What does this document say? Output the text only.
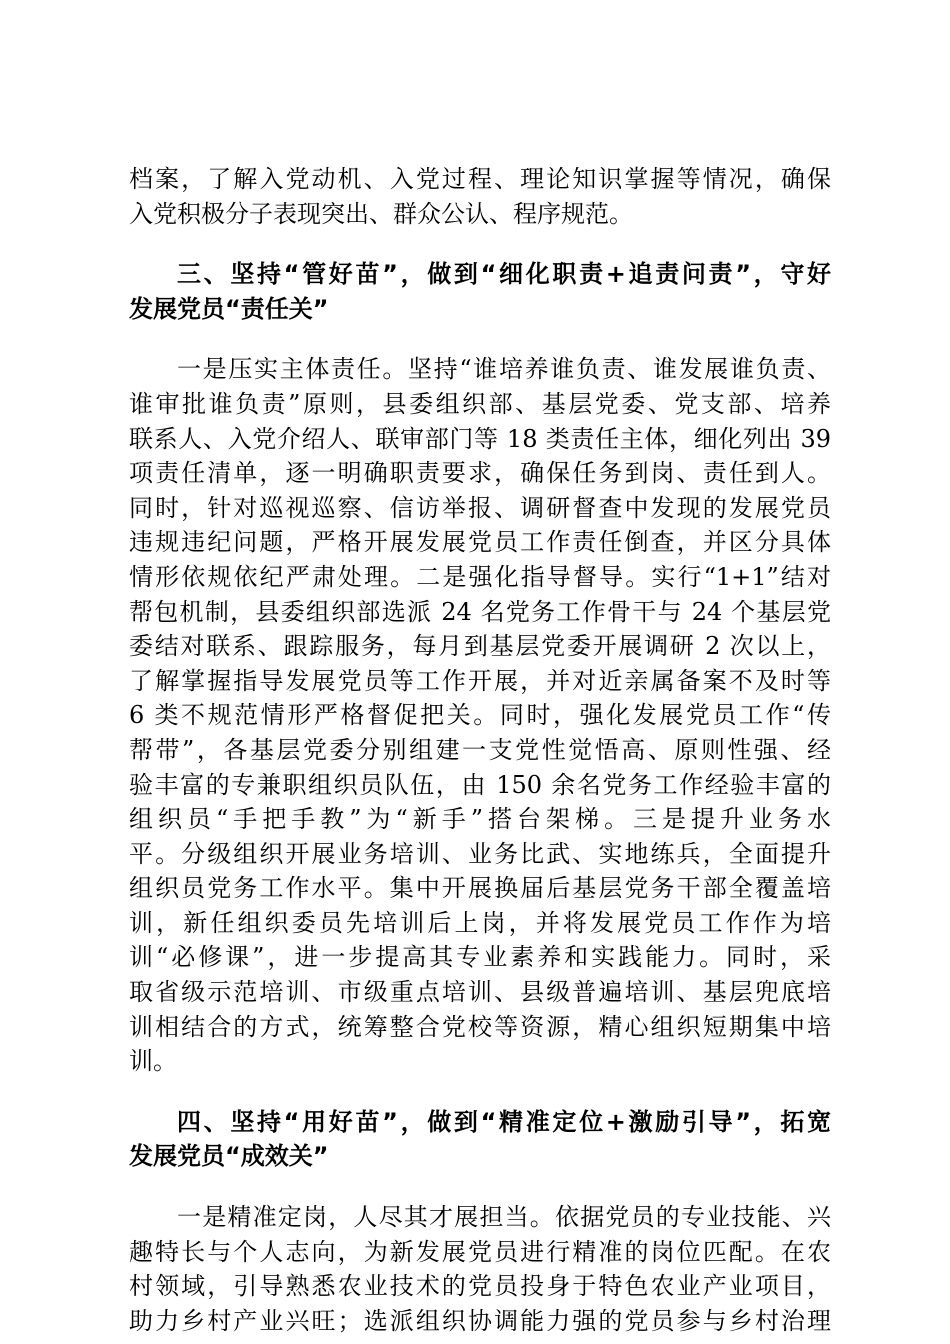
档案，了解入党动机、入党过程、理论知识掌握等情况，确保
入党积极分子表现突出、群众公认、程序规范。
三、坚持“管好苗”，做到“细化职责+追责问责”，守好
发展党员“责任关”
一是压实主体责任。坚持“谁培养谁负责、谁发展谁负责、
谁审批谁负责”原则，县委组织部、基层党委、党支部、培养
联系人、入党介绍人、联审部门等 18 类责任主体，细化列出 39
项责任清单，逐一明确职责要求，确保任务到岗、责任到人。
同时，针对巡视巡察、信访举报、调研督查中发现的发展党员
违规违纪问题，严格开展发展党员工作责任倒查，并区分具体
情形依规依纪严肃处理。二是强化指导督导。实行“1+1”结对
帮包机制，县委组织部选派 24 名党务工作骨干与 24 个基层党
委结对联系、跟踪服务，每月到基层党委开展调研 2 次以上，
了解掌握指导发展党员等工作开展，并对近亲属备案不及时等
6 类不规范情形严格督促把关。同时，强化发展党员工作“传
帮带”，各基层党委分别组建一支党性觉悟高、原则性强、经
验丰富的专兼职组织员队伍，由 150 余名党务工作经验丰富的
组织员“手把手教”为“新手”搭台架梯。三是提升业务水
平。分级组织开展业务培训、业务比武、实地练兵，全面提升
组织员党务工作水平。集中开展换届后基层党务干部全覆盖培
训，新任组织委员先培训后上岗，并将发展党员工作作为培
训“必修课”，进一步提高其专业素养和实践能力。同时，采
取省级示范培训、市级重点培训、县级普遍培训、基层兜底培
训相结合的方式，统筹整合党校等资源，精心组织短期集中培
训。
四、坚持“用好苗”，做到“精准定位+激励引导”，拓宽
发展党员“成效关”
一是精准定岗，人尽其才展担当。依据党员的专业技能、兴
趣特长与个人志向，为新发展党员进行精准的岗位匹配。在农
村领域，引导熟悉农业技术的党员投身于特色农业产业项目，
助力乡村产业兴旺；选派组织协调能力强的党员参与乡村治理
